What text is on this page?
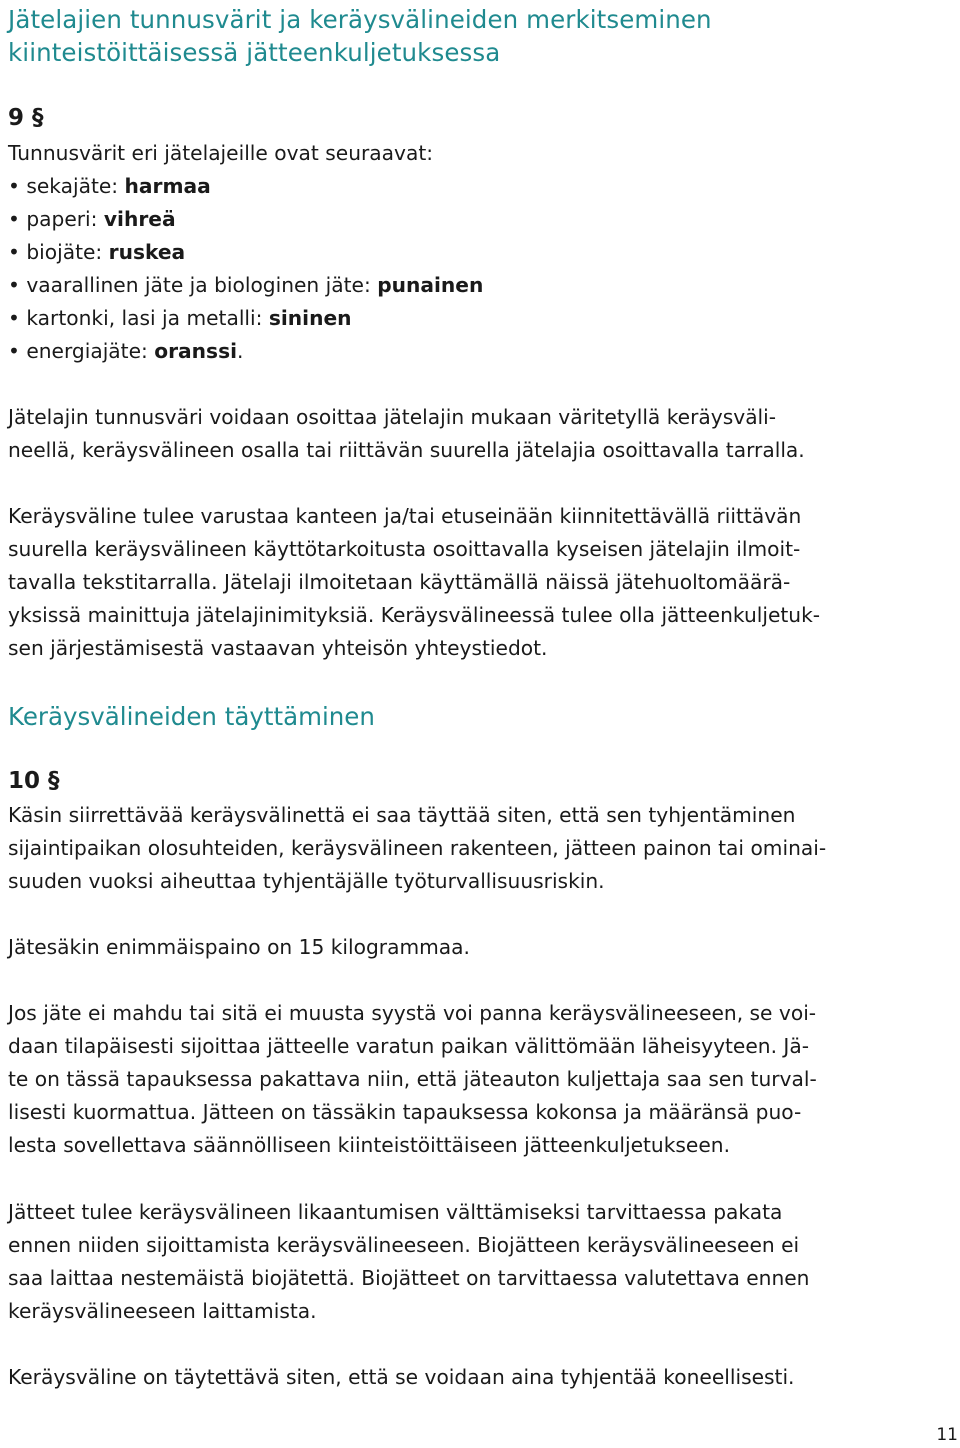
Jätelajien tunnusvärit ja keräysvälineiden merkitseminen
kiinteistöittäisessä jätteenkuljetuksessa
9 §

Tunnusvärit eri jätelajeille ovat seuraavat:

• sekajäte: harmaa

• paperi: vihreä

• biojäte: ruskea

• vaarallinen jäte ja biologinen jäte: punainen

• kartonki, lasi ja metalli: sininen

• energiajäte: oranssi.

Jätelajin tunnusväri voidaan osoittaa jätelajin mukaan väritetyllä keräysväli-

neellä, keräysvälineen osalla tai riittävän suurella jätelajia osoittavalla tarralla.

Keräysväline tulee varustaa kanteen ja/tai etuseinään kiinnitettävällä riittävän

suurella keräysvälineen käyttötarkoitusta osoittavalla kyseisen jätelajin ilmoit-

tavalla tekstitarralla. Jätelaji ilmoitetaan käyttämällä näissä jätehuoltomäärä-

yksissä mainittuja jätelajinimityksiä. Keräysvälineessä tulee olla jätteenkuljetuk-

sen järjestämisestä vastaavan yhteisön yhteystiedot.

Keräysvälineiden täyttäminen
10 §

Käsin siirrettävää keräysvälinettä ei saa täyttää siten, että sen tyhjentäminen

sijaintipaikan olosuhteiden, keräysvälineen rakenteen, jätteen painon tai ominai-

suuden vuoksi aiheuttaa tyhjentäjälle työturvallisuusriskin.

Jätesäkin enimmäispaino on 15 kilogrammaa.

Jos jäte ei mahdu tai sitä ei muusta syystä voi panna keräysvälineeseen, se voi-

daan tilapäisesti sijoittaa jätteelle varatun paikan välittömään läheisyyteen. Jä-

te on tässä tapauksessa pakattava niin, että jäteauton kuljettaja saa sen turval-

lisesti kuormattua. Jätteen on tässäkin tapauksessa kokonsa ja määränsä puo-

lesta sovellettava säännölliseen kiinteistöittäiseen jätteenkuljetukseen.

Jätteet tulee keräysvälineen likaantumisen välttämiseksi tarvittaessa pakata

ennen niiden sijoittamista keräysvälineeseen. Biojätteen keräysvälineeseen ei

saa laittaa nestemäistä biojätettä. Biojätteet on tarvittaessa valutettava ennen

keräysvälineeseen laittamista.

Keräysväline on täytettävä siten, että se voidaan aina tyhjentää koneellisesti.

11
